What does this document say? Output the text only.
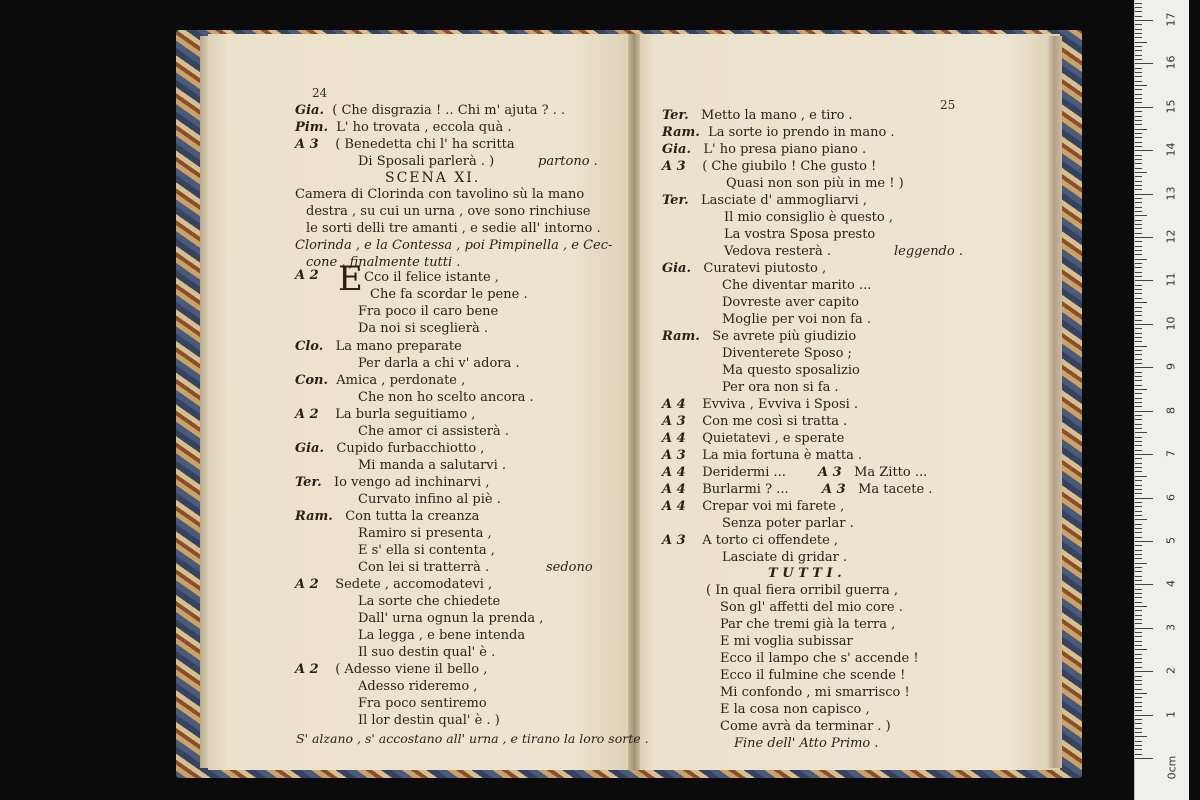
24
Gia. ( Che disgrazia ! .. Chi m' ajuta ? . .
Pim. L' ho trovata , eccola quà .
A 3 ( Benedetta chi l' ha scritta
Di Sposali parlerà . )	partono .
SCENA XI.
Camera di Clorinda con tavolino sù la mano
destra , su cui un urna , ove sono rinchiuse
le sorti delli tre amanti , e sedie all' intorno .
Clorinda , e la Contessa , poi Pimpinella , e Cec-
cone , finalmente tutti .
A 2 E Cco il felice istante ,
Che fa scordar le pene .
Fra poco il caro bene
Da noi si sceglierà .
Clo. La mano preparate
Per darla a chi v' adora .
Con. Amica , perdonate ,
Che non ho scelto ancora .
A 2 La burla seguitiamo ,
Che amor ci assisterà .
Gia. Cupido furbacchiotto ,
Mi manda a salutarvi .
Ter. Io vengo ad inchinarvi ,
Curvato infino al piè .
Ram. Con tutta la creanza
Ramiro si presenta ,
E s' ella si contenta ,
Con lei si tratterrà .	sedono
A 2 Sedete , accomodatevi ,
La sorte che chiedete
Dall' urna ognun la prenda ,
La legga , e bene intenda
Il suo destin qual' è .
A 2 ( Adesso viene il bello ,
Adesso rideremo ,
Fra poco sentiremo
Il lor destin qual' è . )
S' alzano , s' accostano all' urna , e tirano la loro sorte .
25
Ter. Metto la mano , e tiro .
Ram. La sorte io prendo in mano .
Gia. L' ho presa piano piano .
A 3 ( Che giubilo ! Che gusto !
Quasi non son più in me ! )
Ter. Lasciate d' ammogliarvi ,
Il mio consiglio è questo ,
La vostra Sposa presto
Vedova resterà .	leggendo .
Gia. Curatevi piutosto ,
Che diventar marito ...
Dovreste aver capito
Moglie per voi non fa .
Ram. Se avrete più giudizio
Diventerete Sposo ;
Ma questo sposalizio
Per ora non si fa .
A 4 Evviva , Evviva i Sposi .
A 3 Con me così si tratta .
A 4 Quietatevi , e sperate
A 3 La mia fortuna è matta .
A 4 Deridermi ... A 3 Ma Zitto ...
A 4 Burlarmi ? ...	A 3 Ma tacete .
A 4 Crepar voi mi farete ,
Senza poter parlar .
A 3 A torto ci offendete ,
Lasciate di gridar .
T U T T I .
( In qual fiera orribil guerra ,
Son gl' affetti del mio core .
Par che tremi già la terra ,
E mi voglia subissar
Ecco il lampo che s' accende !
Ecco il fulmine che scende !
Mi confondo , mi smarrisco !
E la cosa non capisco ,
Come avrà da terminar . )
Fine dell' Atto Primo .
0cm
1
2
3
4
5
6
7
8
9
10
11
12
13
14
15
16
17
